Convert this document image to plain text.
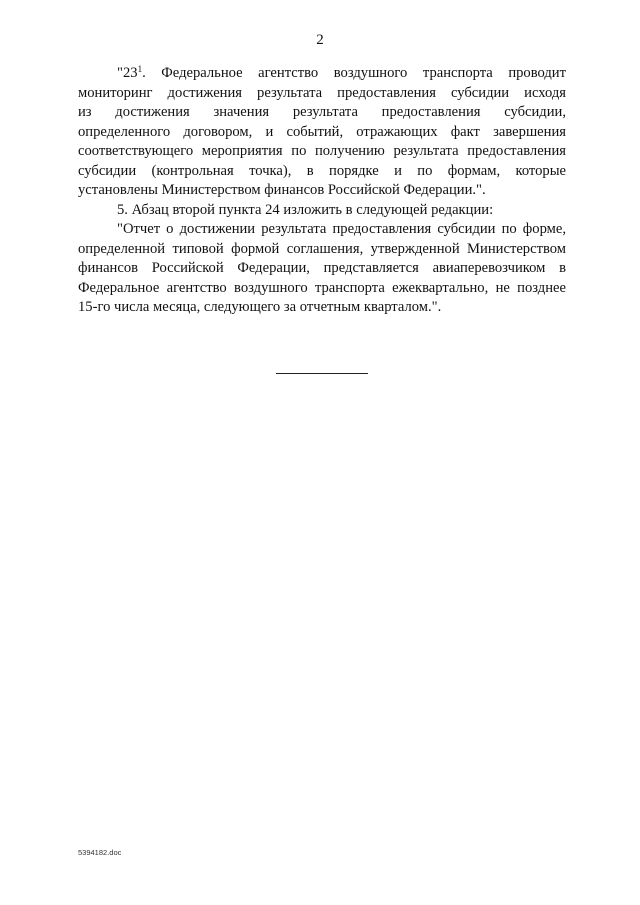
2
"$23^1$. Федеральное агентство воздушного транспорта проводит
мониторинг достижения результата предоставления субсидии исходя
из достижения значения результата предоставления субсидии,
определенного договором, и событий, отражающих факт завершения
соответствующего мероприятия по получению результата предоставления
субсидии (контрольная точка), в порядке и по формам, которые
установлены Министерством финансов Российской Федерации.".
5. Абзац второй пункта 24 изложить в следующей редакции:
"Отчет о достижении результата предоставления субсидии по форме,
определенной типовой формой соглашения, утвержденной Министерством
финансов Российской Федерации, представляется авиаперевозчиком в
Федеральное агентство воздушного транспорта ежеквартально, не позднее
15-го числа месяца, следующего за отчетным кварталом.".
5394182.doc
